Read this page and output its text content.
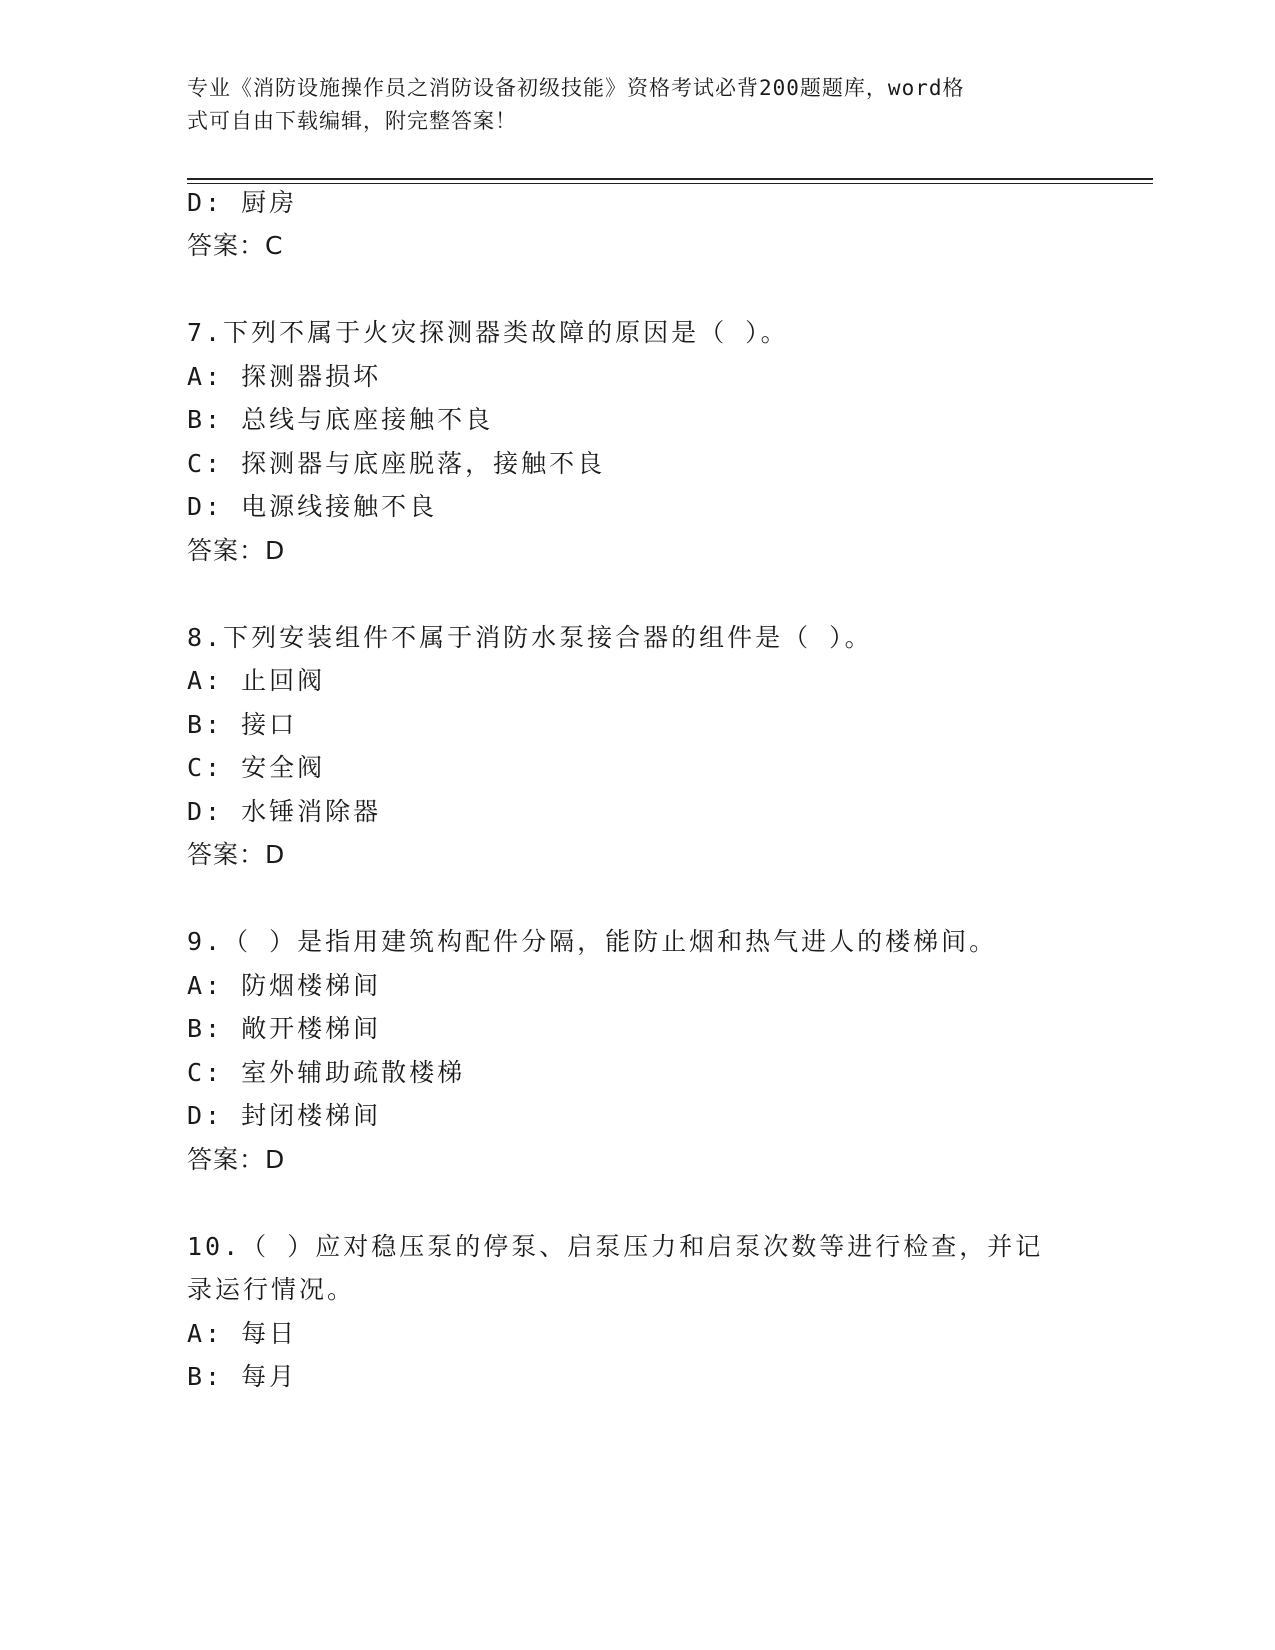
专业《消防设施操作员之消防设备初级技能》资格考试必背200题题库，word格
式可自由下载编辑，附完整答案！
D: 厨房
答案：C
7.下列不属于火灾探测器类故障的原因是（ ）。
A: 探测器损坏
B: 总线与底座接触不良
C: 探测器与底座脱落，接触不良
D: 电源线接触不良
答案：D
8.下列安装组件不属于消防水泵接合器的组件是（ ）。
A: 止回阀
B: 接口
C: 安全阀
D: 水锤消除器
答案：D
9.（ ）是指用建筑构配件分隔，能防止烟和热气进人的楼梯间。
A: 防烟楼梯间
B: 敞开楼梯间
C: 室外辅助疏散楼梯
D: 封闭楼梯间
答案：D
10.（ ）应对稳压泵的停泵、启泵压力和启泵次数等进行检查，并记
录运行情况。
A: 每日
B: 每月
